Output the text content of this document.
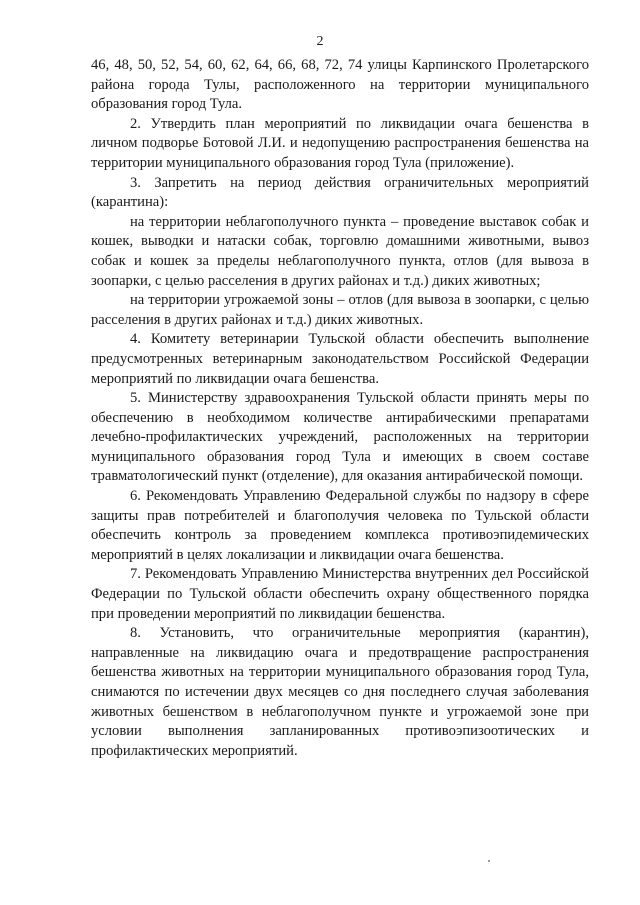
2

46, 48, 50, 52, 54, 60, 62, 64, 66, 68, 72, 74 улицы Карпинского Пролетарского района города Тулы, расположенного на территории муниципального образования город Тула.

2. Утвердить план мероприятий по ликвидации очага бешенства в личном подворье Ботовой Л.И. и недопущению распространения бешенства на территории муниципального образования город Тула (приложение).

3. Запретить на период действия ограничительных мероприятий (карантина):

на территории неблагополучного пункта – проведение выставок собак и кошек, выводки и натаски собак, торговлю домашними животными, вывоз собак и кошек за пределы неблагополучного пункта, отлов (для вывоза в зоопарки, с целью расселения в других районах и т.д.) диких животных;

на территории угрожаемой зоны – отлов (для вывоза в зоопарки, с целью расселения в других районах и т.д.) диких животных.

4. Комитету ветеринарии Тульской области обеспечить выполнение предусмотренных ветеринарным законодательством Российской Федерации мероприятий по ликвидации очага бешенства.

5. Министерству здравоохранения Тульской области принять меры по обеспечению в необходимом количестве антирабическими препаратами лечебно-профилактических учреждений, расположенных на территории муниципального образования город Тула и имеющих в своем составе травматологический пункт (отделение), для оказания антирабической помощи.

6. Рекомендовать Управлению Федеральной службы по надзору в сфере защиты прав потребителей и благополучия человека по Тульской области обеспечить контроль за проведением комплекса противоэпидемических мероприятий в целях локализации и ликвидации очага бешенства.

7. Рекомендовать Управлению Министерства внутренних дел Российской Федерации по Тульской области обеспечить охрану общественного порядка при проведении мероприятий по ликвидации бешенства.

8. Установить, что ограничительные мероприятия (карантин), направленные на ликвидацию очага и предотвращение распространения бешенства животных на территории муниципального образования город Тула, снимаются по истечении двух месяцев со дня последнего случая заболевания животных бешенством в неблагополучном пункте и угрожаемой зоне при условии выполнения запланированных противоэпизоотических и профилактических мероприятий.
